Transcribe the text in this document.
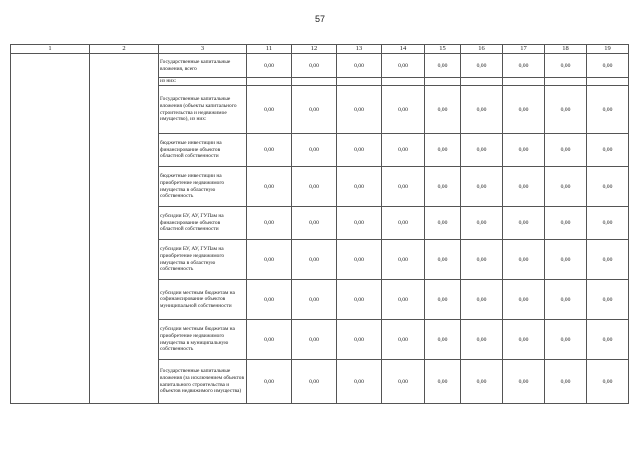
57
1	2	3	11	12	13	14	15	16	17	18	19
		Государственные капитальные вложения, всего	0,00	0,00	0,00	0,00	0,00	0,00	0,00	0,00	0,00
		из них:									
		Государственные капитальные вложения (объекты капитального строительства и недвижимое имущество), из них:	0,00	0,00	0,00	0,00	0,00	0,00	0,00	0,00	0,00
		бюджетные инвестиции на финансирование объектов областной собственности	0,00	0,00	0,00	0,00	0,00	0,00	0,00	0,00	0,00
		бюджетные инвестиции на приобретение недвижимого имущества в областную собственность	0,00	0,00	0,00	0,00	0,00	0,00	0,00	0,00	0,00
		субсидии БУ, АУ, ГУПам на финансирование объектов областной собственности	0,00	0,00	0,00	0,00	0,00	0,00	0,00	0,00	0,00
		субсидии БУ, АУ, ГУПам на приобретение недвижимого имущества в областную собственность	0,00	0,00	0,00	0,00	0,00	0,00	0,00	0,00	0,00
		субсидии местным бюджетам на софинансирование объектов муниципальной собственности	0,00	0,00	0,00	0,00	0,00	0,00	0,00	0,00	0,00
		субсидии местным бюджетам на приобретение недвижимого имущества в муниципальную собственность	0,00	0,00	0,00	0,00	0,00	0,00	0,00	0,00	0,00
		Государственные капитальные вложения (за исключением объектов капитального строительства и объектов недвижимого имущества)	0,00	0,00	0,00	0,00	0,00	0,00	0,00	0,00	0,00
